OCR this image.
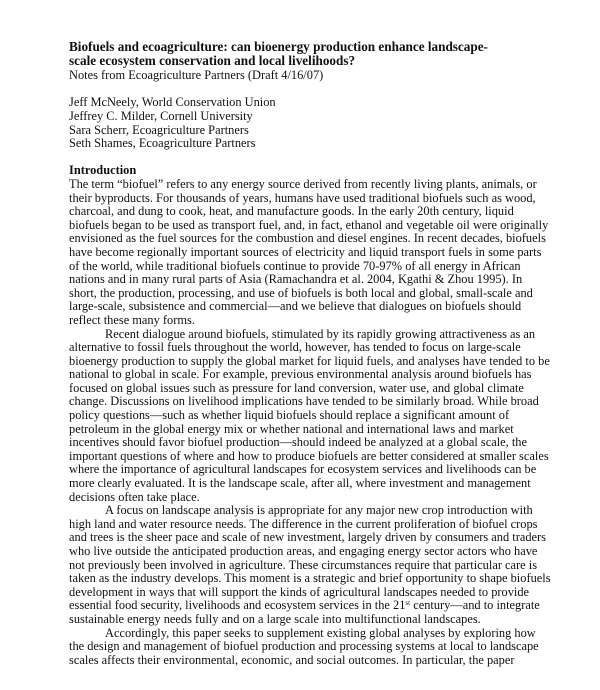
Biofuels and ecoagriculture: can bioenergy production enhance landscape-
scale ecosystem conservation and local livelihoods?
Notes from Ecoagriculture Partners (Draft 4/16/07)
Jeff McNeely, World Conservation Union
Jeffrey C. Milder, Cornell University
Sara Scherr, Ecoagriculture Partners
Seth Shames, Ecoagriculture Partners
Introduction
The term “biofuel” refers to any energy source derived from recently living plants, animals, or
their byproducts. For thousands of years, humans have used traditional biofuels such as wood,
charcoal, and dung to cook, heat, and manufacture goods. In the early 20th century, liquid
biofuels began to be used as transport fuel, and, in fact, ethanol and vegetable oil were originally
envisioned as the fuel sources for the combustion and diesel engines. In recent decades, biofuels
have become regionally important sources of electricity and liquid transport fuels in some parts
of the world, while traditional biofuels continue to provide 70-97% of all energy in African
nations and in many rural parts of Asia (Ramachandra et al. 2004, Kgathi & Zhou 1995). In
short, the production, processing, and use of biofuels is both local and global, small-scale and
large-scale, subsistence and commercial—and we believe that dialogues on biofuels should
reflect these many forms.
Recent dialogue around biofuels, stimulated by its rapidly growing attractiveness as an
alternative to fossil fuels throughout the world, however, has tended to focus on large-scale
bioenergy production to supply the global market for liquid fuels, and analyses have tended to be
national to global in scale. For example, previous environmental analysis around biofuels has
focused on global issues such as pressure for land conversion, water use, and global climate
change. Discussions on livelihood implications have tended to be similarly broad. While broad
policy questions—such as whether liquid biofuels should replace a significant amount of
petroleum in the global energy mix or whether national and international laws and market
incentives should favor biofuel production—should indeed be analyzed at a global scale, the
important questions of where and how to produce biofuels are better considered at smaller scales
where the importance of agricultural landscapes for ecosystem services and livelihoods can be
more clearly evaluated. It is the landscape scale, after all, where investment and management
decisions often take place.
A focus on landscape analysis is appropriate for any major new crop introduction with
high land and water resource needs. The difference in the current proliferation of biofuel crops
and trees is the sheer pace and scale of new investment, largely driven by consumers and traders
who live outside the anticipated production areas, and engaging energy sector actors who have
not previously been involved in agriculture. These circumstances require that particular care is
taken as the industry develops. This moment is a strategic and brief opportunity to shape biofuels
development in ways that will support the kinds of agricultural landscapes needed to provide
essential food security, livelihoods and ecosystem services in the 21st century—and to integrate
sustainable energy needs fully and on a large scale into multifunctional landscapes.
Accordingly, this paper seeks to supplement existing global analyses by exploring how
the design and management of biofuel production and processing systems at local to landscape
scales affects their environmental, economic, and social outcomes. In particular, the paper
